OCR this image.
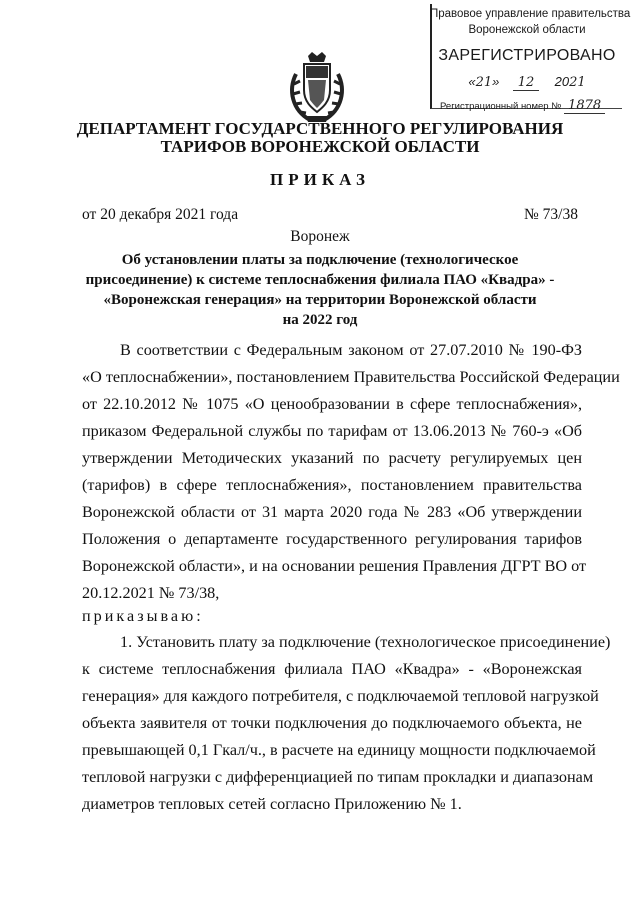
Правовое управление правительства
Воронежской области
ЗАРЕГИСТРИРОВАНО
«21» 12 2021
Регистрационный номер № 1878
ДЕПАРТАМЕНТ ГОСУДАРСТВЕННОГО РЕГУЛИРОВАНИЯ
ТАРИФОВ ВОРОНЕЖСКОЙ ОБЛАСТИ
ПРИКАЗ
от 20 декабря 2021 года	№ 73/38
Воронеж
Об установлении платы за подключение (технологическое
присоединение) к системе теплоснабжения филиала ПАО «Квадра» -
«Воронежская генерация» на территории Воронежской области
на 2022 год
В соответствии с Федеральным законом от 27.07.2010 № 190-ФЗ
«О теплоснабжении», постановлением Правительства Российской Федерации
от 22.10.2012 № 1075 «О ценообразовании в сфере теплоснабжения»,
приказом Федеральной службы по тарифам от 13.06.2013 № 760-э «Об
утверждении Методических указаний по расчету регулируемых цен
(тарифов) в сфере теплоснабжения», постановлением правительства
Воронежской области от 31 марта 2020 года № 283 «Об утверждении
Положения о департаменте государственного регулирования тарифов
Воронежской области», и на основании решения Правления ДГРТ ВО от
20.12.2021 № 73/38,
приказываю:
1. Установить плату за подключение (технологическое присоединение)
к системе теплоснабжения филиала ПАО «Квадра» - «Воронежская
генерация» для каждого потребителя, с подключаемой тепловой нагрузкой
объекта заявителя от точки подключения до подключаемого объекта, не
превышающей 0,1 Гкал/ч., в расчете на единицу мощности подключаемой
тепловой нагрузки с дифференциацией по типам прокладки и диапазонам
диаметров тепловых сетей согласно Приложению № 1.
